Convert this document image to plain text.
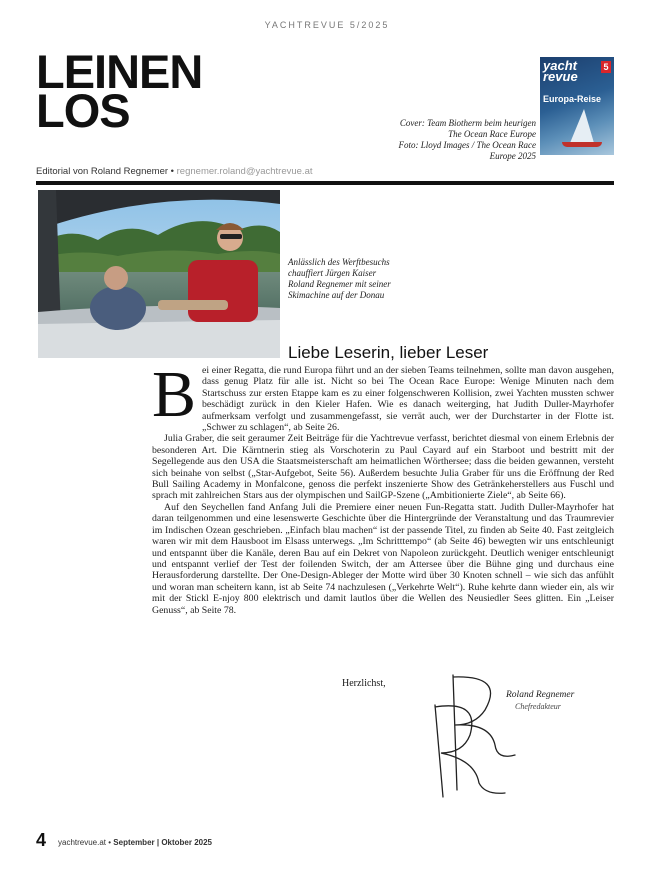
YACHTREVUE 5/2025
LEINEN
LOS	Cover: Team Biotherm beim heurigen
The Ocean Race Europe
Foto: Lloyd Images / The Ocean Race
Europe 2025
yacht revue
5
Europa-Reise
Editorial von Roland Regnemer • regnemer.roland@yachtrevue.at
Anlässlich des Werftbesuchs
chauffiert Jürgen Kaiser
Roland Regnemer mit seiner
Skimachine auf der Donau
Liebe Leserin, lieber Leser

Bei einer Regatta, die rund Europa führt und an der sieben Teams teilnehmen, sollte man davon ausgehen, dass genug Platz für alle ist. Nicht so bei The Ocean Race Europe: Wenige Minuten nach dem Startschuss zur ersten Etappe kam es zu einer folgenschweren Kollision, zwei Yachten mussten schwer beschädigt zurück in den Kieler Hafen. Wie es danach weiterging, hat Judith Duller-Mayrhofer aufmerksam verfolgt und zusammengefasst, sie verrät auch, wer der Durchstarter in der Flotte ist. „Schwer zu schlagen“, ab Seite 26.

Julia Graber, die seit geraumer Zeit Beiträge für die Yachtrevue verfasst, berichtet diesmal von einem Erlebnis der besonderen Art. Die Kärntnerin stieg als Vorschoterin zu Paul Cayard auf ein Starboot und bestritt mit der Segellegende aus den USA die Staatsmeisterschaft am heimatlichen Wörthersee; dass die beiden gewannen, versteht sich beinahe von selbst („Star-Aufgebot, Seite 56). Außerdem besuchte Julia Graber für uns die Eröffnung der Red Bull Sailing Academy in Monfalcone, genoss die perfekt inszenierte Show des Getränkeherstellers aus Fuschl und sprach mit zahlreichen Stars aus der olympischen und SailGP-Szene („Ambitionierte Ziele“, ab Seite 66).

Auf den Seychellen fand Anfang Juli die Premiere einer neuen Fun-Regatta statt. Judith Duller-Mayrhofer hat daran teilgenommen und eine lesenswerte Geschichte über die Hintergründe der Veranstaltung und das Traumrevier im Indischen Ozean geschrieben. „Einfach blau machen“ ist der passende Titel, zu finden ab Seite 40. Fast zeitgleich waren wir mit dem Hausboot im Elsass unterwegs. „Im Schritttempo“ (ab Seite 46) bewegten wir uns entschleunigt und entspannt über die Kanäle, deren Bau auf ein Dekret von Napoleon zurückgeht. Deutlich weniger entschleunigt und entspannt verlief der Test der foilenden Switch, der am Attersee über die Bühne ging und durchaus eine Herausforderung darstellte. Der One-Design-Ableger der Motte wird über 30 Knoten schnell – wie sich das anfühlt und woran man scheitern kann, ist ab Seite 74 nachzulesen („Verkehrte Welt“). Ruhe kehrte dann wieder ein, als wir mit der Stickl E-njoy 800 elektrisch und damit lautlos über die Wellen des Neusiedler Sees glitten. Ein „Leiser Genuss“, ab Seite 78.

Herzlichst,
Roland Regnemer
Chefredakteur
4 yachtrevue.at • September | Oktober 2025
